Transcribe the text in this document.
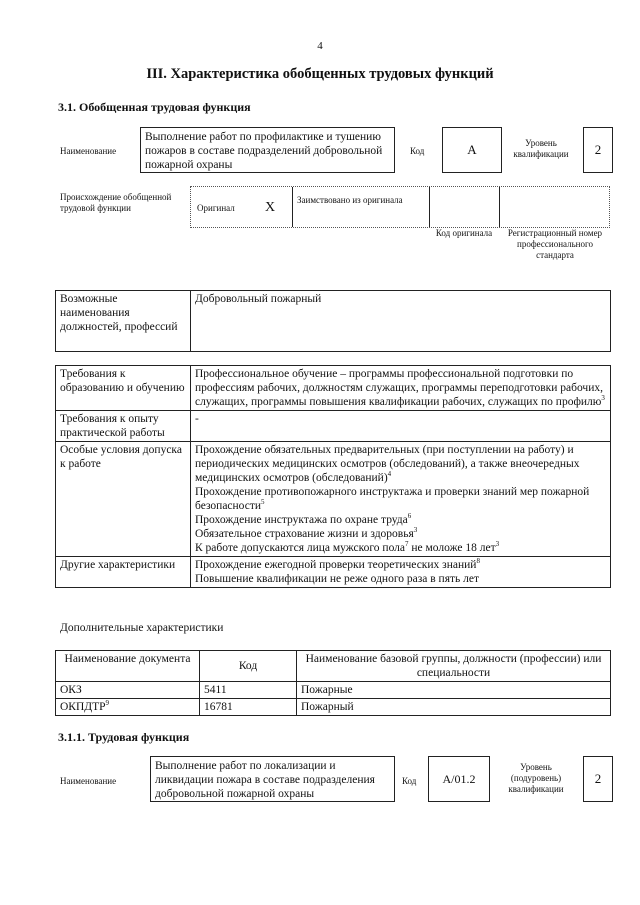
4
III. Характеристика обобщенных трудовых функций
3.1. Обобщенная трудовая функция
Наименование
Выполнение работ по профилактике и тушению пожаров в составе подразделений добровольной пожарной охраны
Код	A	Уровень квалификации	2
Происхождение обобщенной трудовой функции	Оригинал X Заимствовано из оригинала
Код оригинала	Регистрационный номер профессионального стандарта
Возможные наименования должностей, профессий	Добровольный пожарный
Требования к образованию и обучению	Профессиональное обучение – программы профессиональной подготовки по профессиям рабочих, должностям служащих, программы переподготовки рабочих, служащих, программы повышения квалификации рабочих, служащих по профилю$^3$
Требования к опыту практической работы	-
Особые условия допуска к работе	Прохождение обязательных предварительных (при поступлении на работу) и периодических медицинских осмотров (обследований), а также внеочередных медицинских осмотров (обследований)$^4$
Прохождение противопожарного инструктажа и проверки знаний мер пожарной безопасности$^5$
Прохождение инструктажа по охране труда$^6$
Обязательное страхование жизни и здоровья$^3$
К работе допускаются лица мужского пола$^7$ не моложе 18 лет$^3$

Другие характеристики	Прохождение ежегодной проверки теоретических знаний$^8$
Повышение квалификации не реже одного раза в пять лет
Дополнительные характеристики
Наименование документа	Код	Наименование базовой группы, должности (профессии) или специальности
ОКЗ	5411	Пожарные
ОКПДТР$^9$	16781	Пожарный
3.1.1. Трудовая функция
Наименование
Выполнение работ по локализации и ликвидации пожара в составе подразделения добровольной пожарной охраны
Код	A/01.2
Уровень (подуровень) квалификации
2
